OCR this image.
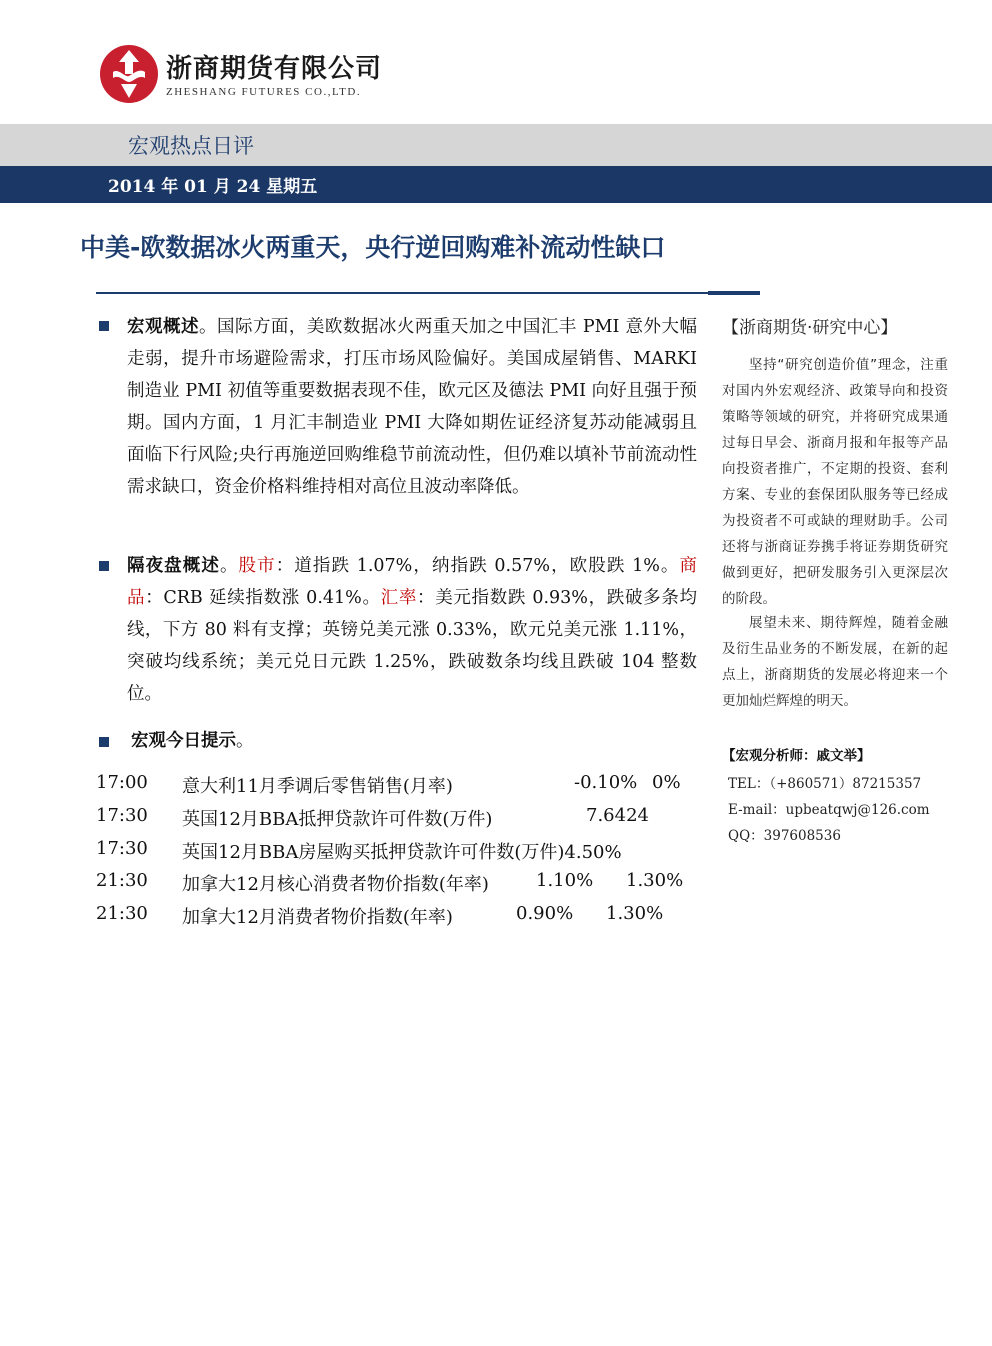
浙商期货有限公司
ZHESHANG FUTURES CO.,LTD.
宏观热点日评
2014 年 01 月 24 星期五
中美-欧数据冰火两重天，央行逆回购难补流动性缺口
宏观概述。国际方面，美欧数据冰火两重天加之中国汇丰 PMI 意外大幅走弱，提升市场避险需求，打压市场风险偏好。美国成屋销售、MARKI 制造业 PMI 初值等重要数据表现不佳，欧元区及德法 PMI 向好且强于预期。国内方面，1 月汇丰制造业 PMI 大降如期佐证经济复苏动能减弱且面临下行风险;央行再施逆回购维稳节前流动性，但仍难以填补节前流动性需求缺口，资金价格料维持相对高位且波动率降低。
隔夜盘概述。股市：道指跌 1.07%，纳指跌 0.57%，欧股跌 1%。商品：CRB 延续指数涨 0.41%。汇率：美元指数跌 0.93%，跌破多条均线，下方 80 料有支撑；英镑兑美元涨 0.33%，欧元兑美元涨 1.11%，突破均线系统；美元兑日元跌 1.25%，跌破数条均线且跌破 104 整数位。
宏观今日提示。
17:00 意大利11月季调后零售销售(月率)	-0.10% 0%
17:30 英国12月BBA抵押贷款许可件数(万件)	7.6424
17:30 英国12月BBA房屋购买抵押贷款许可件数(万件)4.50%
21:30 加拿大12月核心消费者物价指数(年率)	1.10% 1.30%
21:30 加拿大12月消费者物价指数(年率)	0.90% 1.30%
【浙商期货·研究中心】
坚持“研究创造价值”理念，注重对国内外宏观经济、政策导向和投资策略等领域的研究，并将研究成果通过每日早会、浙商月报和年报等产品向投资者推广，不定期的投资、套利方案、专业的套保团队服务等已经成为投资者不可或缺的理财助手。公司还将与浙商证券携手将证券期货研究做到更好，把研发服务引入更深层次的阶段。
展望未来、期待辉煌，随着金融及衍生品业务的不断发展，在新的起点上，浙商期货的发展必将迎来一个更加灿烂辉煌的明天。
【宏观分析师：戚文举】
TEL：（+860571）87215357
E-mail：upbeatqwj@126.com
QQ：397608536
